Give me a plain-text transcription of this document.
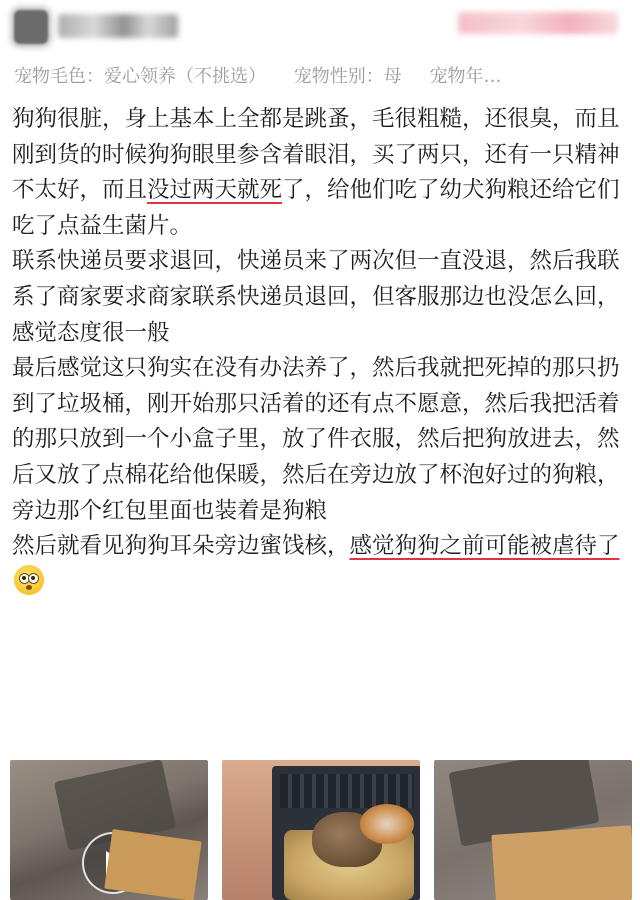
宠物毛色：爱心领养（不挑选） 宠物性别：母 宠物年…

狗狗很脏，身上基本上全都是跳蚤，毛很粗糙，还很臭，而且刚到货的时候狗狗眼里参含着眼泪，买了两只，还有一只精神不太好，而且没过两天就死了，给他们吃了幼犬狗粮还给它们吃了点益生菌片。

联系快递员要求退回，快递员来了两次但一直没退，然后我联系了商家要求商家联系快递员退回，但客服那边也没怎么回，感觉态度很一般

最后感觉这只狗实在没有办法养了，然后我就把死掉的那只扔到了垃圾桶，刚开始那只活着的还有点不愿意，然后我把活着的那只放到一个小盒子里，放了件衣服，然后把狗放进去，然后又放了点棉花给他保暖，然后在旁边放了杯泡好过的狗粮，旁边那个红包里面也装着是狗粮

然后就看见狗狗耳朵旁边蜜饯核，感觉狗狗之前可能被虐待了
